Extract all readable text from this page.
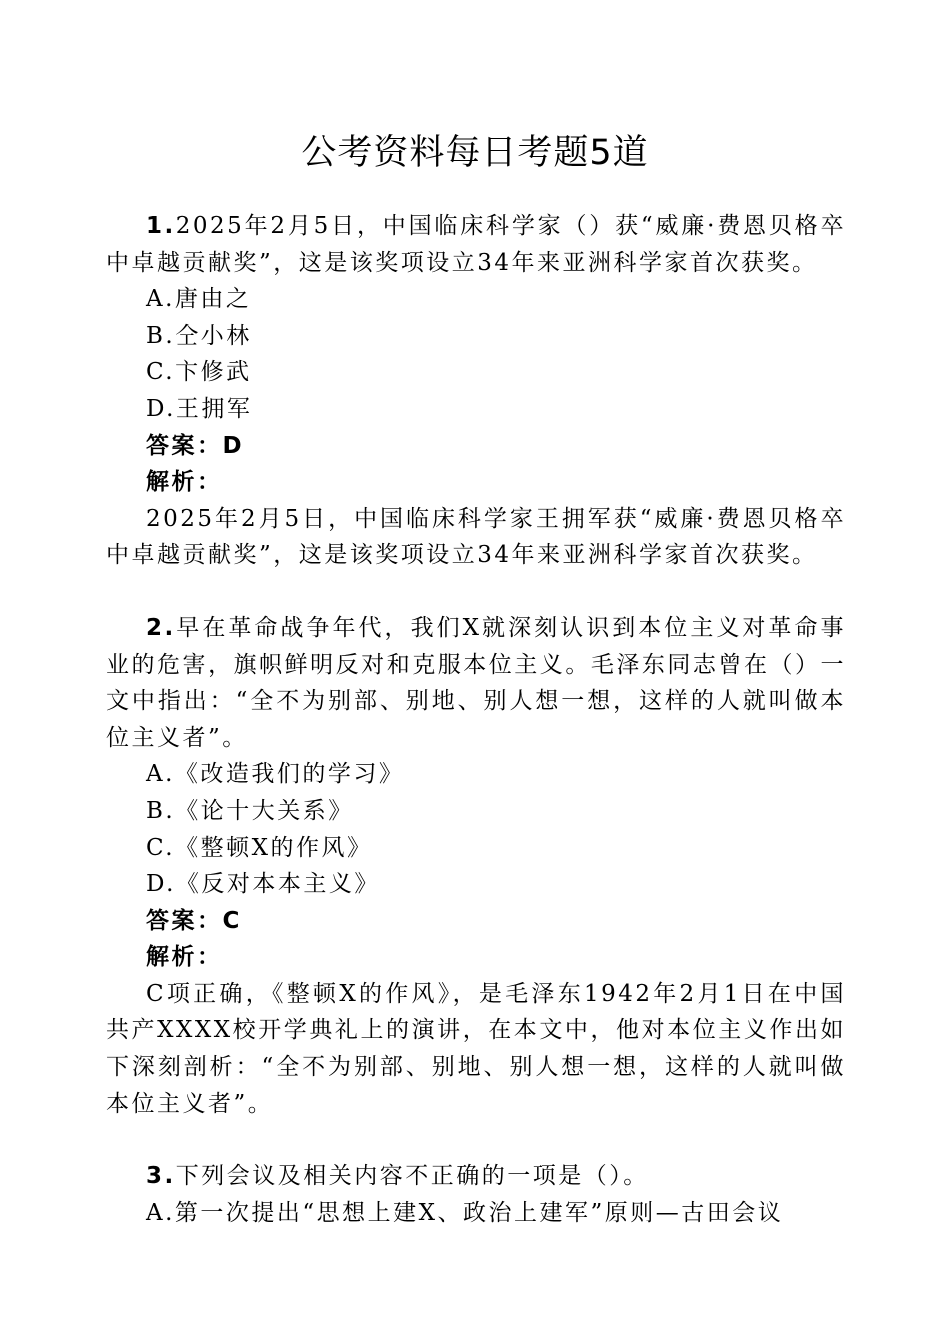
公考资料每日考题5道

1.2025年2月5日，中国临床科学家（）获“威廉·费恩贝格卒中卓越贡献奖”，这是该奖项设立34年来亚洲科学家首次获奖。

A.唐由之

B.仝小林

C.卞修武

D.王拥军

答案：D

解析：

2025年2月5日，中国临床科学家王拥军获“威廉·费恩贝格卒中卓越贡献奖”，这是该奖项设立34年来亚洲科学家首次获奖。

2.早在革命战争年代，我们X就深刻认识到本位主义对革命事业的危害，旗帜鲜明反对和克服本位主义。毛泽东同志曾在（）一文中指出：“全不为别部、别地、别人想一想，这样的人就叫做本位主义者”。

A.《改造我们的学习》

B.《论十大关系》

C.《整顿X的作风》

D.《反对本本主义》

答案：C

解析：

C项正确，《整顿X的作风》，是毛泽东1942年2月1日在中国共产XXXX校开学典礼上的演讲，在本文中，他对本位主义作出如下深刻剖析：“全不为别部、别地、别人想一想，这样的人就叫做本位主义者”。

3.下列会议及相关内容不正确的一项是（）。

A.第一次提出“思想上建X、政治上建军”原则—古田会议
